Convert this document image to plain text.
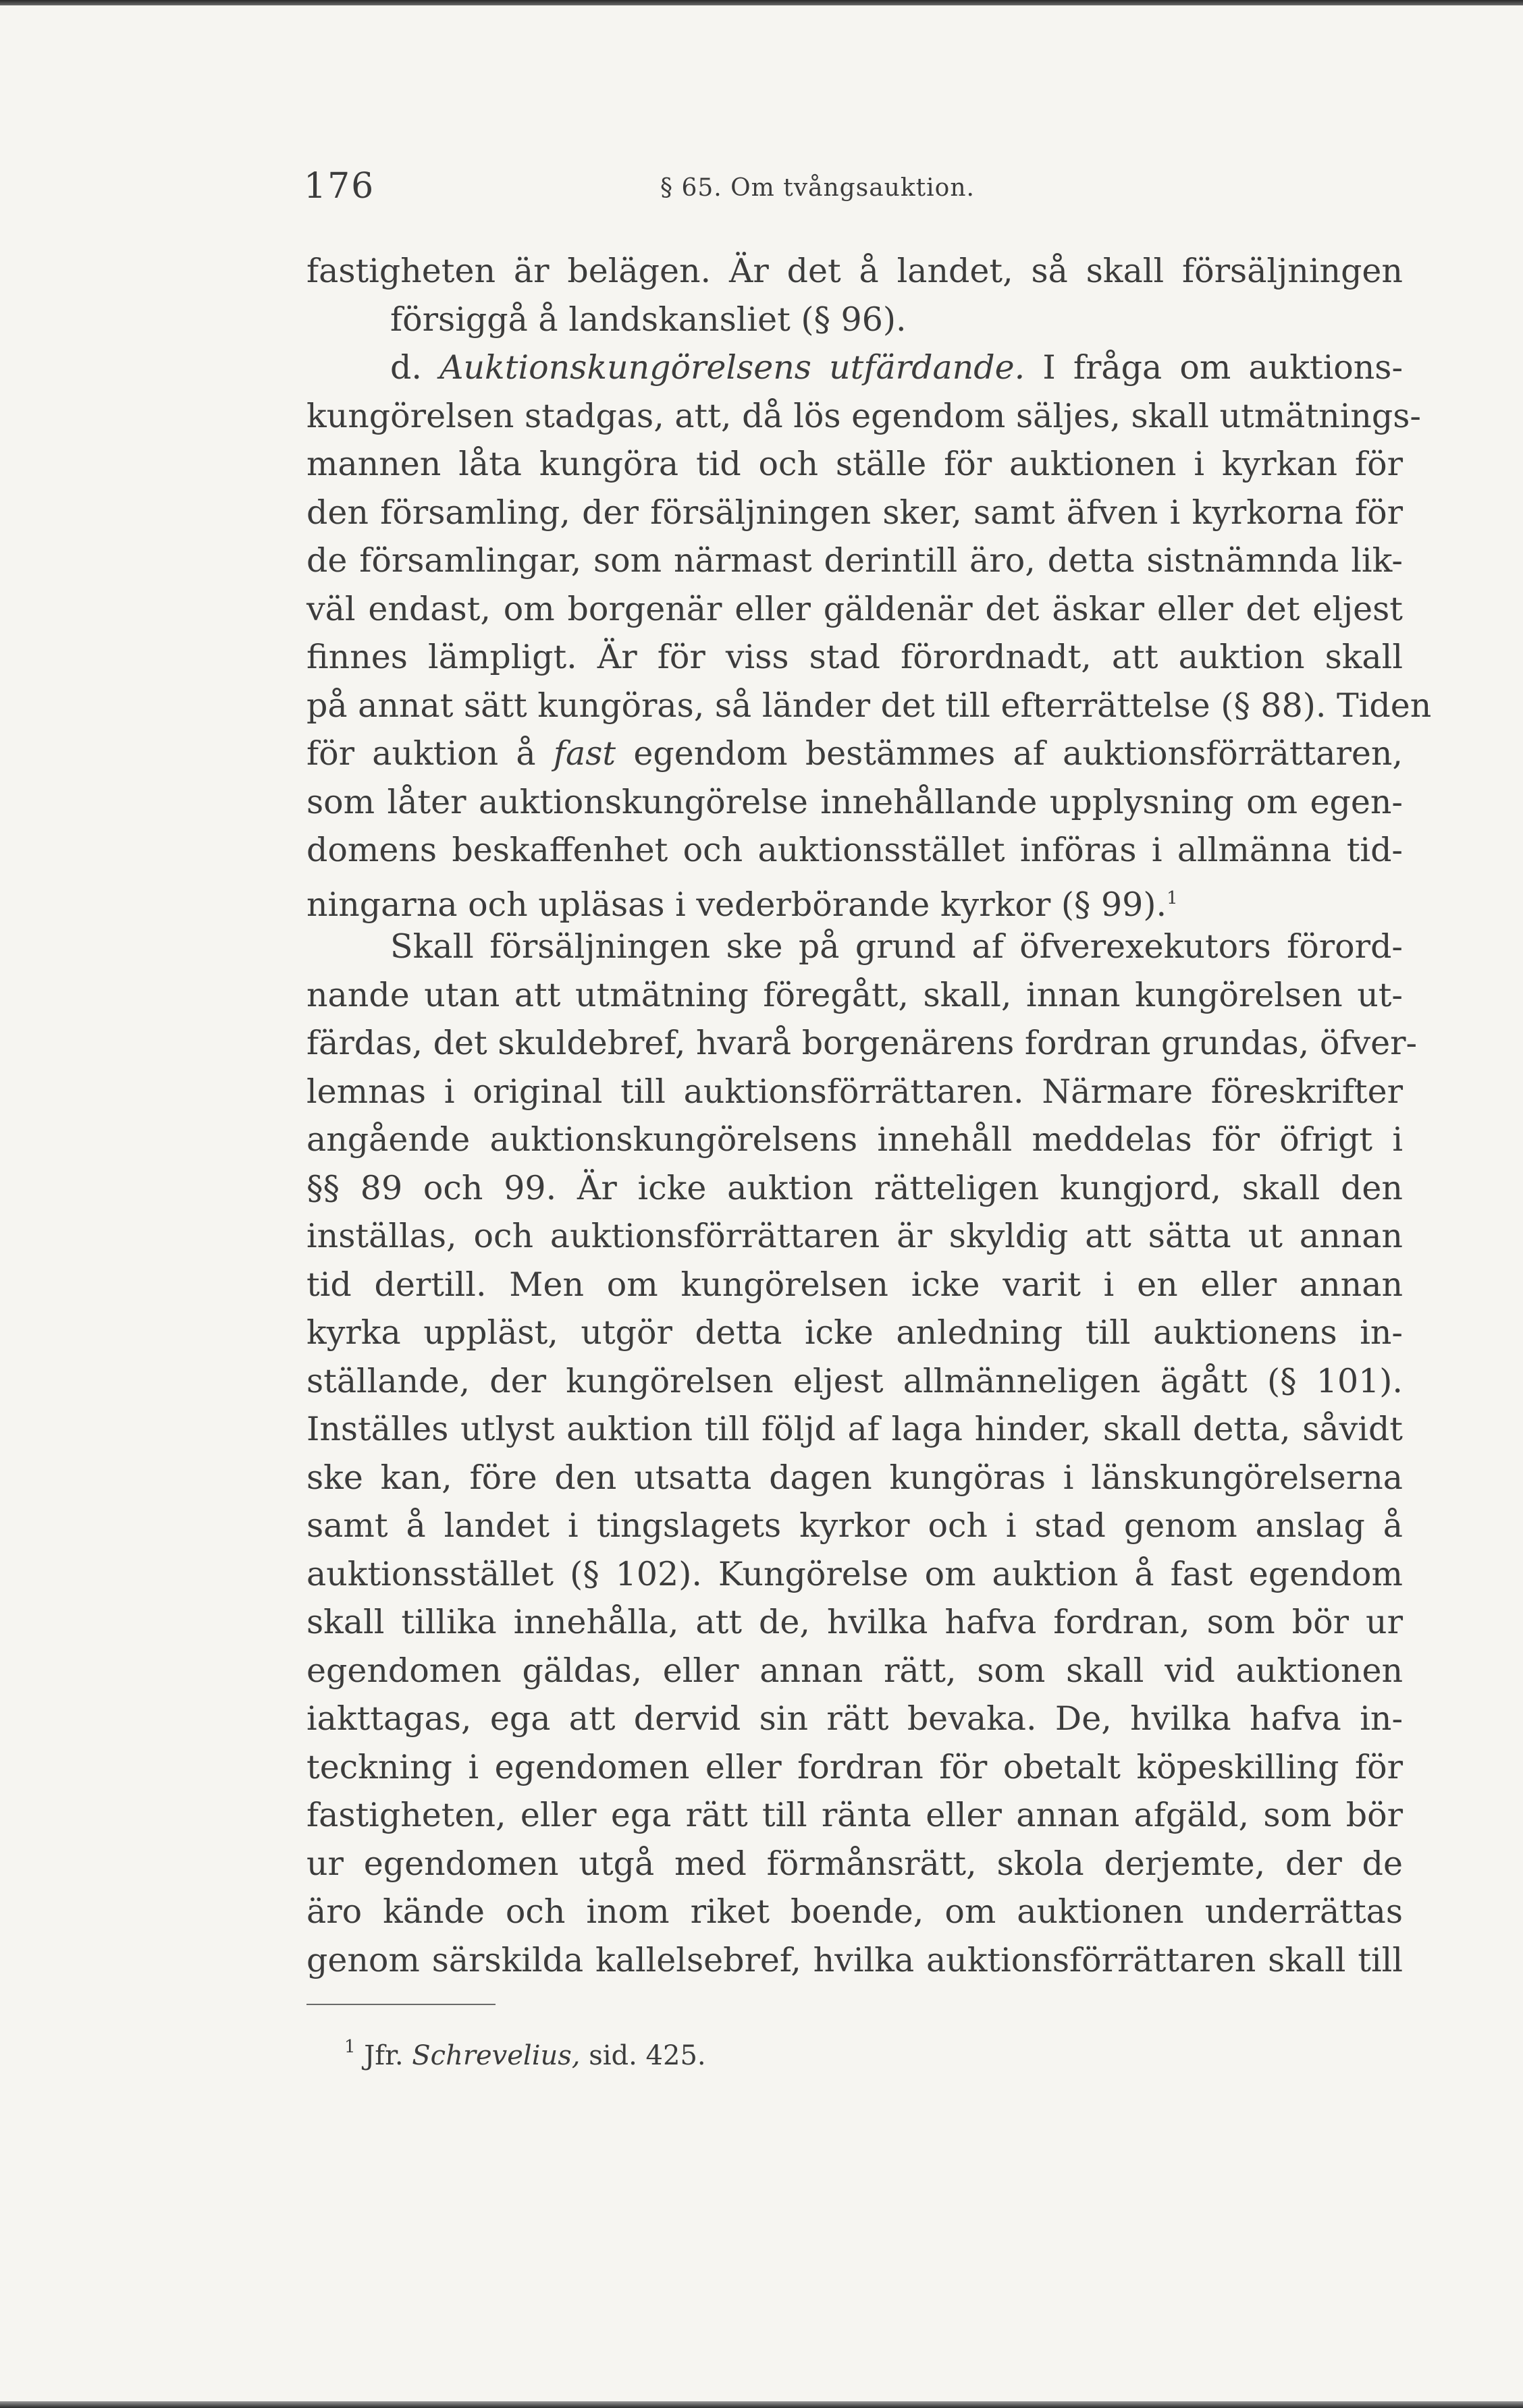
176	§ 65. Om tvångsauktion.
fastigheten är belägen. Är det å landet, så skall försäljningen
försiggå å landskansliet (§ 96).
d. Auktionskungörelsens utfärdande. I fråga om auktions-
kungörelsen stadgas, att, då lös egendom säljes, skall utmätnings-
mannen låta kungöra tid och ställe för auktionen i kyrkan för
den församling, der försäljningen sker, samt äfven i kyrkorna för
de församlingar, som närmast derintill äro, detta sistnämnda lik-
väl endast, om borgenär eller gäldenär det äskar eller det eljest
finnes lämpligt. Är för viss stad förordnadt, att auktion skall
på annat sätt kungöras, så länder det till efterrättelse (§ 88). Tiden
för auktion å fast egendom bestämmes af auktionsförrättaren,
som låter auktionskungörelse innehållande upplysning om egen-
domens beskaffenhet och auktionsstället införas i allmänna tid-
ningarna och upläsas i vederbörande kyrkor (§ 99).$^1$
Skall försäljningen ske på grund af öfverexekutors förord-
nande utan att utmätning föregått, skall, innan kungörelsen ut-
färdas, det skuldebref, hvarå borgenärens fordran grundas, öfver-
lemnas i original till auktionsförrättaren. Närmare föreskrifter
angående auktionskungörelsens innehåll meddelas för öfrigt i
§§ 89 och 99. Är icke auktion rätteligen kungjord, skall den
inställas, och auktionsförrättaren är skyldig att sätta ut annan
tid dertill. Men om kungörelsen icke varit i en eller annan
kyrka uppläst, utgör detta icke anledning till auktionens in-
ställande, der kungörelsen eljest allmänneligen ägått (§ 101).
Inställes utlyst auktion till följd af laga hinder, skall detta, såvidt
ske kan, före den utsatta dagen kungöras i länskungörelserna
samt å landet i tingslagets kyrkor och i stad genom anslag å
auktionsstället (§ 102). Kungörelse om auktion å fast egendom
skall tillika innehålla, att de, hvilka hafva fordran, som bör ur
egendomen gäldas, eller annan rätt, som skall vid auktionen
iakttagas, ega att dervid sin rätt bevaka. De, hvilka hafva in-
teckning i egendomen eller fordran för obetalt köpeskilling för
fastigheten, eller ega rätt till ränta eller annan afgäld, som bör
ur egendomen utgå med förmånsrätt, skola derjemte, der de
äro kände och inom riket boende, om auktionen underrättas
genom särskilda kallelsebref, hvilka auktionsförrättaren skall till
$^1$ Jfr. Schrevelius, sid. 425.
